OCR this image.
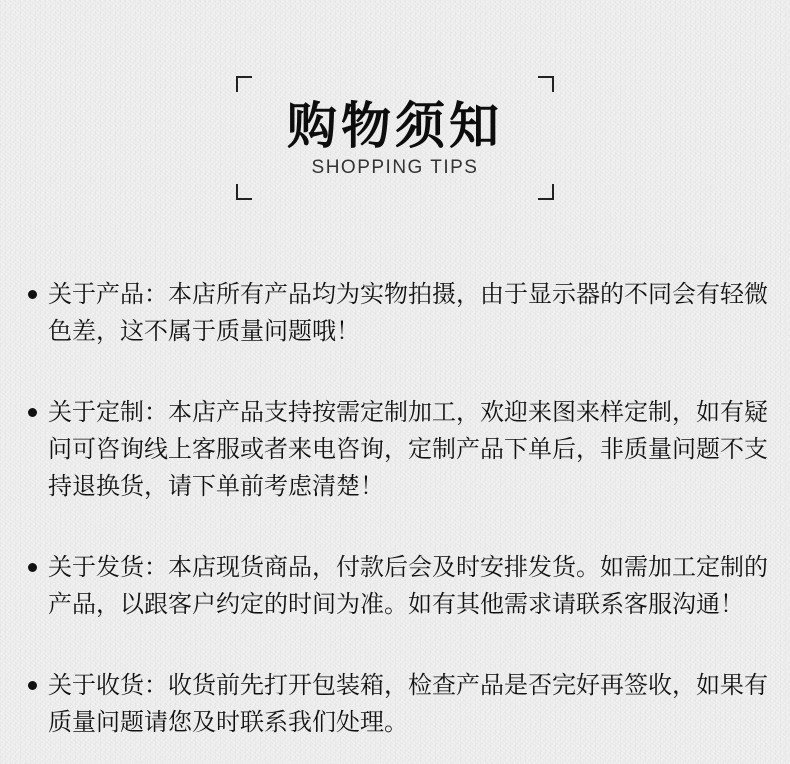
购物须知
SHOPPING TIPS
关于产品：本店所有产品均为实物拍摄，由于显示器的不同会有轻微色差，这不属于质量问题哦！
关于定制：本店产品支持按需定制加工，欢迎来图来样定制，如有疑问可咨询线上客服或者来电咨询，定制产品下单后，非质量问题不支持退换货，请下单前考虑清楚！
关于发货：本店现货商品，付款后会及时安排发货。如需加工定制的产品，以跟客户约定的时间为准。如有其他需求请联系客服沟通！
关于收货：收货前先打开包装箱，检查产品是否完好再签收，如果有质量问题请您及时联系我们处理。
